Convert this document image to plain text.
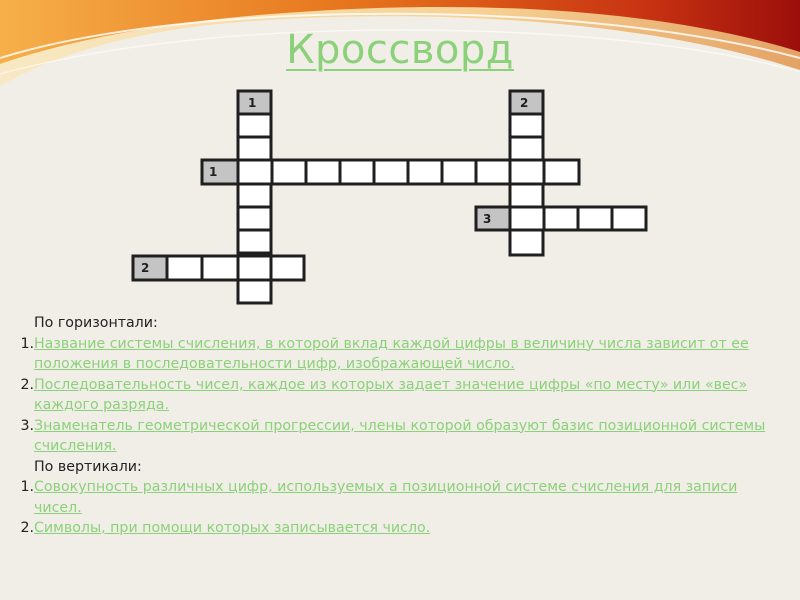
Кроссворд
1	2
1
3
2
По горизонтали:
1. Название системы счисления, в которой вклад каждой цифры в величину числа зависит от ее положения в последовательности цифр, изображающей число.
2. Последовательность чисел, каждое из которых задает значение цифры «по месту» или «вес» каждого разряда.
3. Знаменатель геометрической прогрессии, члены которой образуют базис позиционной системы счисления.
По вертикали:
1. Совокупность различных цифр, используемых а позиционной системе счисления для записи чисел.
2. Символы, при помощи которых записывается число.
